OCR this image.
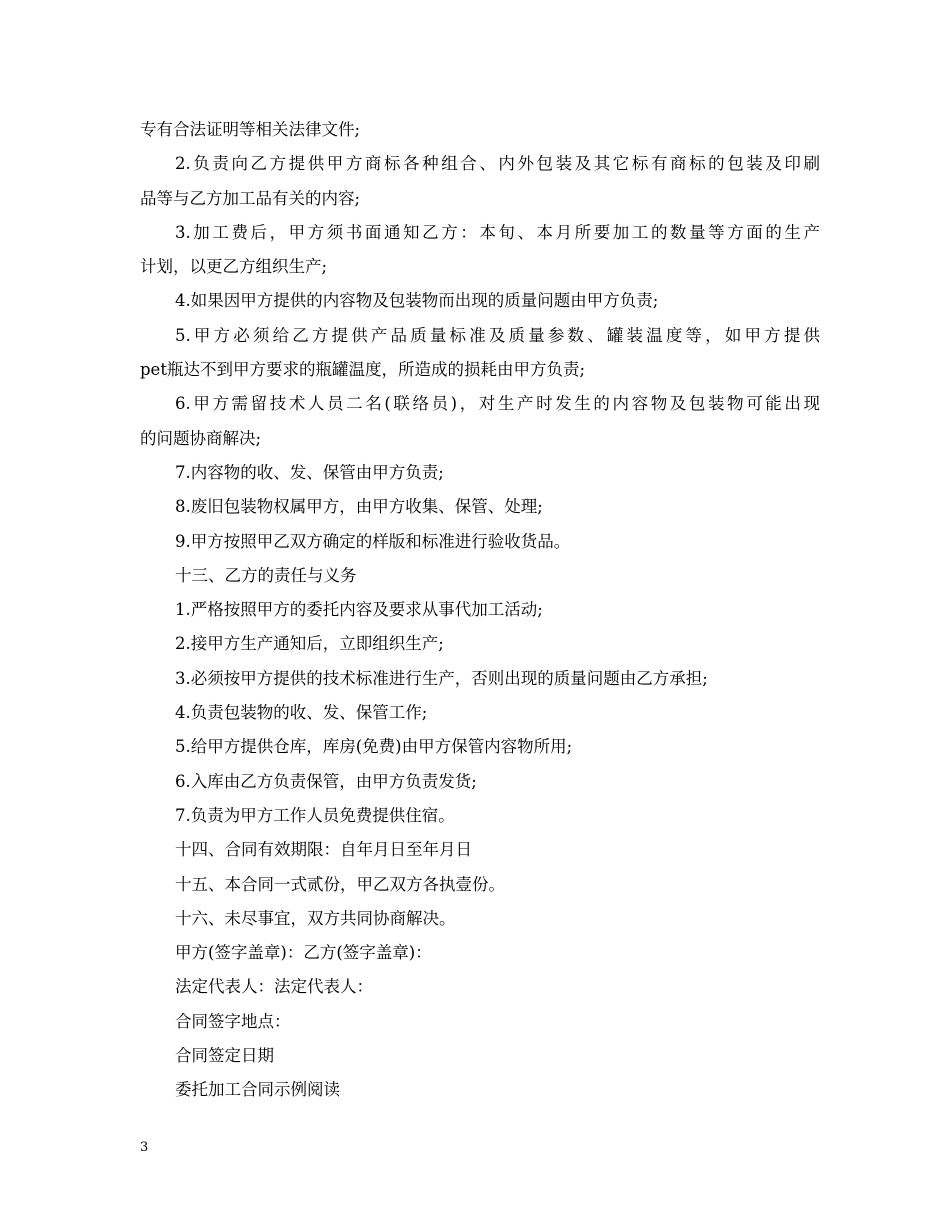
专有合法证明等相关法律文件;
2.负责向乙方提供甲方商标各种组合、内外包装及其它标有商标的包装及印刷
品等与乙方加工品有关的内容;
3.加工费后，甲方须书面通知乙方：本旬、本月所要加工的数量等方面的生产
计划，以更乙方组织生产;
4.如果因甲方提供的内容物及包装物而出现的质量问题由甲方负责;
5.甲方必须给乙方提供产品质量标准及质量参数、罐装温度等，如甲方提供
pet瓶达不到甲方要求的瓶罐温度，所造成的损耗由甲方负责;
6.甲方需留技术人员二名(联络员)，对生产时发生的内容物及包装物可能出现
的问题协商解决;
7.内容物的收、发、保管由甲方负责;
8.废旧包装物权属甲方，由甲方收集、保管、处理;
9.甲方按照甲乙双方确定的样版和标准进行验收货品。
十三、乙方的责任与义务
1.严格按照甲方的委托内容及要求从事代加工活动;
2.接甲方生产通知后，立即组织生产;
3.必须按甲方提供的技术标准进行生产，否则出现的质量问题由乙方承担;
4.负责包装物的收、发、保管工作;
5.给甲方提供仓库，库房(免费)由甲方保管内容物所用;
6.入库由乙方负责保管，由甲方负责发货;
7.负责为甲方工作人员免费提供住宿。
十四、合同有效期限：自年月日至年月日
十五、本合同一式贰份，甲乙双方各执壹份。
十六、未尽事宜，双方共同协商解决。
甲方(签字盖章)：乙方(签字盖章)：
法定代表人：法定代表人：
合同签字地点：
合同签定日期
委托加工合同示例阅读
3
